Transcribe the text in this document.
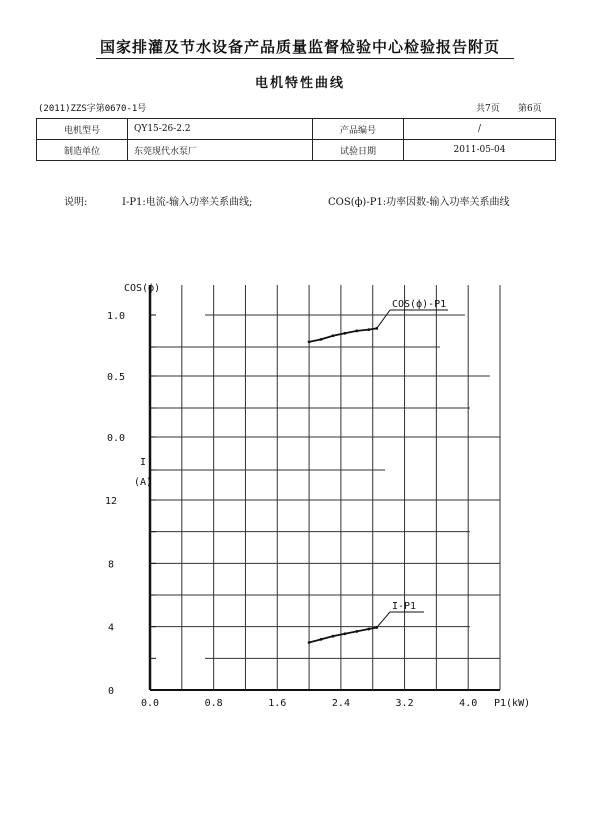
国家排灌及节水设备产品质量监督检验中心检验报告附页
电机特性曲线
(2011)ZZS字第0670-1号	共7页 第6页
电机型号	QY15-26-2.2	产品编号	/
制造单位	东莞现代水泵厂	试验日期	2011-05-04
说明:	I-P1:电流-输入功率关系曲线;	COS(ф)-P1:功率因数-输入功率关系曲线
COS(ф)
I
(A)
P1(kW)
1.0
0.5
0.0
12
8
4
0
0.0	0.8	1.6	2.4	3.2	4.0
COS(ф)-P1
I-P1
